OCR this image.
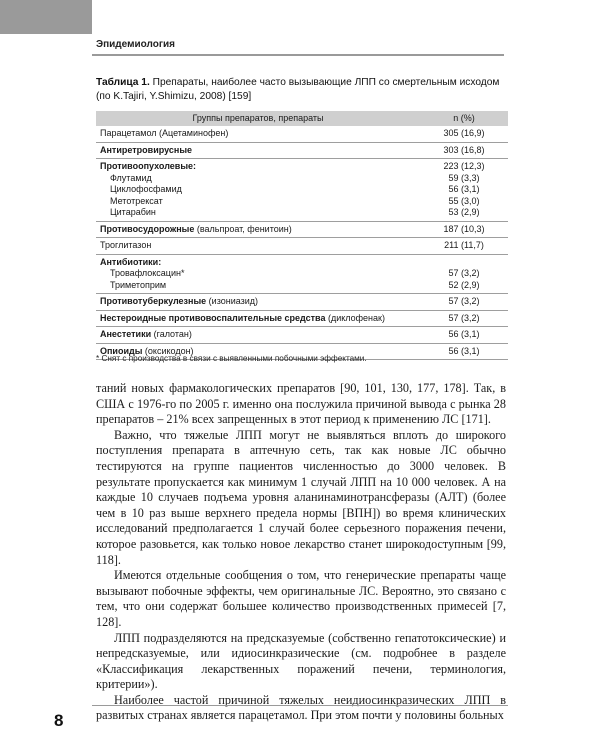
Эпидемиология
Таблица 1. Препараты, наиболее часто вызывающие ЛПП со смертельным исходом (по K.Tajiri, Y.Shimizu, 2008) [159]
Группы препаратов, препараты	n (%)
Парацетамол (Ацетаминофен)	305 (16,9)
Антиретровирусные	303 (16,8)
Противоопухолевые:	223 (12,3)
Флутамид	59 (3,3)
Циклофосфамид	56 (3,1)
Метотрексат	55 (3,0)
Цитарабин	53 (2,9)
Противосудорожные (вальпроат, фенитоин)	187 (10,3)
Троглитазон	211 (11,7)
Антибиотики:	
Тровафлоксацин*	57 (3,2)
Триметоприм	52 (2,9)
Противотуберкулезные (изониазид)	57 (3,2)
Нестероидные противовоспалительные средства (диклофенак)	57 (3,2)
Анестетики (галотан)	56 (3,1)
Опиоиды (оксикодон)	56 (3,1)
* Снят с производства в связи с выявленными побочными эффектами.

таний новых фармакологических препаратов [90, 101, 130, 177, 178]. Так, в США с 1976-го по 2005 г. именно она послужила причиной вывода с рынка 28 препаратов – 21% всех запрещенных в этот период к применению ЛС [171].

Важно, что тяжелые ЛПП могут не выявляться вплоть до широкого поступления препарата в аптечную сеть, так как новые ЛС обычно тестируются на группе пациентов численностью до 3000 человек. В результате пропускается как минимум 1 случай ЛПП на 10 000 человек. А на каждые 10 случаев подъема уровня аланинаминотрансферазы (АЛТ) (более чем в 10 раз выше верхнего предела нормы [ВПН]) во время клинических исследований предполагается 1 случай более серьезного поражения печени, которое разовьется, как только новое лекарство станет широкодоступным [99, 118].

Имеются отдельные сообщения о том, что генерические препараты чаще вызывают побочные эффекты, чем оригинальные ЛС. Вероятно, это связано с тем, что они содержат большее количество производственных примесей [7, 128].

ЛПП подразделяются на предсказуемые (собственно гепатотоксические) и непредсказуемые, или идиосинкразические (см. подробнее в разделе «Классификация лекарственных поражений печени, терминология, критерии»).

Наиболее частой причиной тяжелых неидиосинкразических ЛПП в развитых странах является парацетамол. При этом почти у половины больных

8
